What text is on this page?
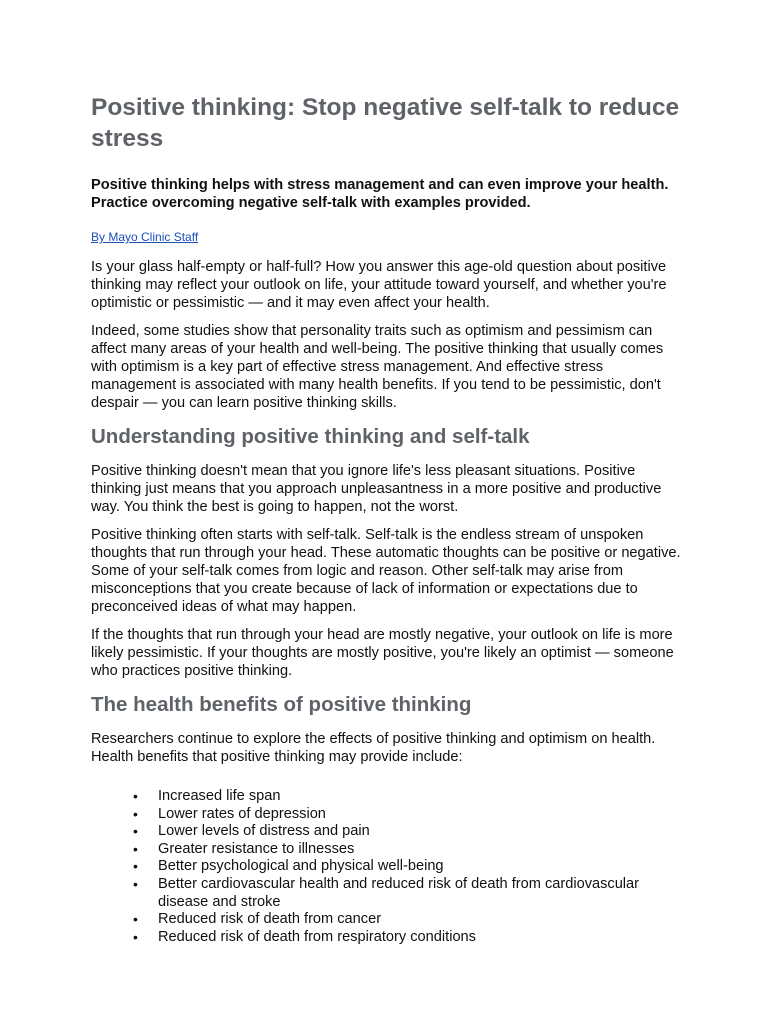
Positive thinking: Stop negative self-talk to reduce stress

Positive thinking helps with stress management and can even improve your health. Practice overcoming negative self-talk with examples provided.

By Mayo Clinic Staff

Is your glass half-empty or half-full? How you answer this age-old question about positive thinking may reflect your outlook on life, your attitude toward yourself, and whether you're optimistic or pessimistic — and it may even affect your health.

Indeed, some studies show that personality traits such as optimism and pessimism can affect many areas of your health and well-being. The positive thinking that usually comes with optimism is a key part of effective stress management. And effective stress management is associated with many health benefits. If you tend to be pessimistic, don't despair — you can learn positive thinking skills.

Understanding positive thinking and self-talk

Positive thinking doesn't mean that you ignore life's less pleasant situations. Positive thinking just means that you approach unpleasantness in a more positive and productive way. You think the best is going to happen, not the worst.

Positive thinking often starts with self-talk. Self-talk is the endless stream of unspoken thoughts that run through your head. These automatic thoughts can be positive or negative. Some of your self-talk comes from logic and reason. Other self-talk may arise from misconceptions that you create because of lack of information or expectations due to preconceived ideas of what may happen.

If the thoughts that run through your head are mostly negative, your outlook on life is more likely pessimistic. If your thoughts are mostly positive, you're likely an optimist — someone who practices positive thinking.

The health benefits of positive thinking

Researchers continue to explore the effects of positive thinking and optimism on health. Health benefits that positive thinking may provide include:

• Increased life span
• Lower rates of depression
• Lower levels of distress and pain
• Greater resistance to illnesses
• Better psychological and physical well-being
• Better cardiovascular health and reduced risk of death from cardiovascular disease and stroke
• Reduced risk of death from cancer
• Reduced risk of death from respiratory conditions
